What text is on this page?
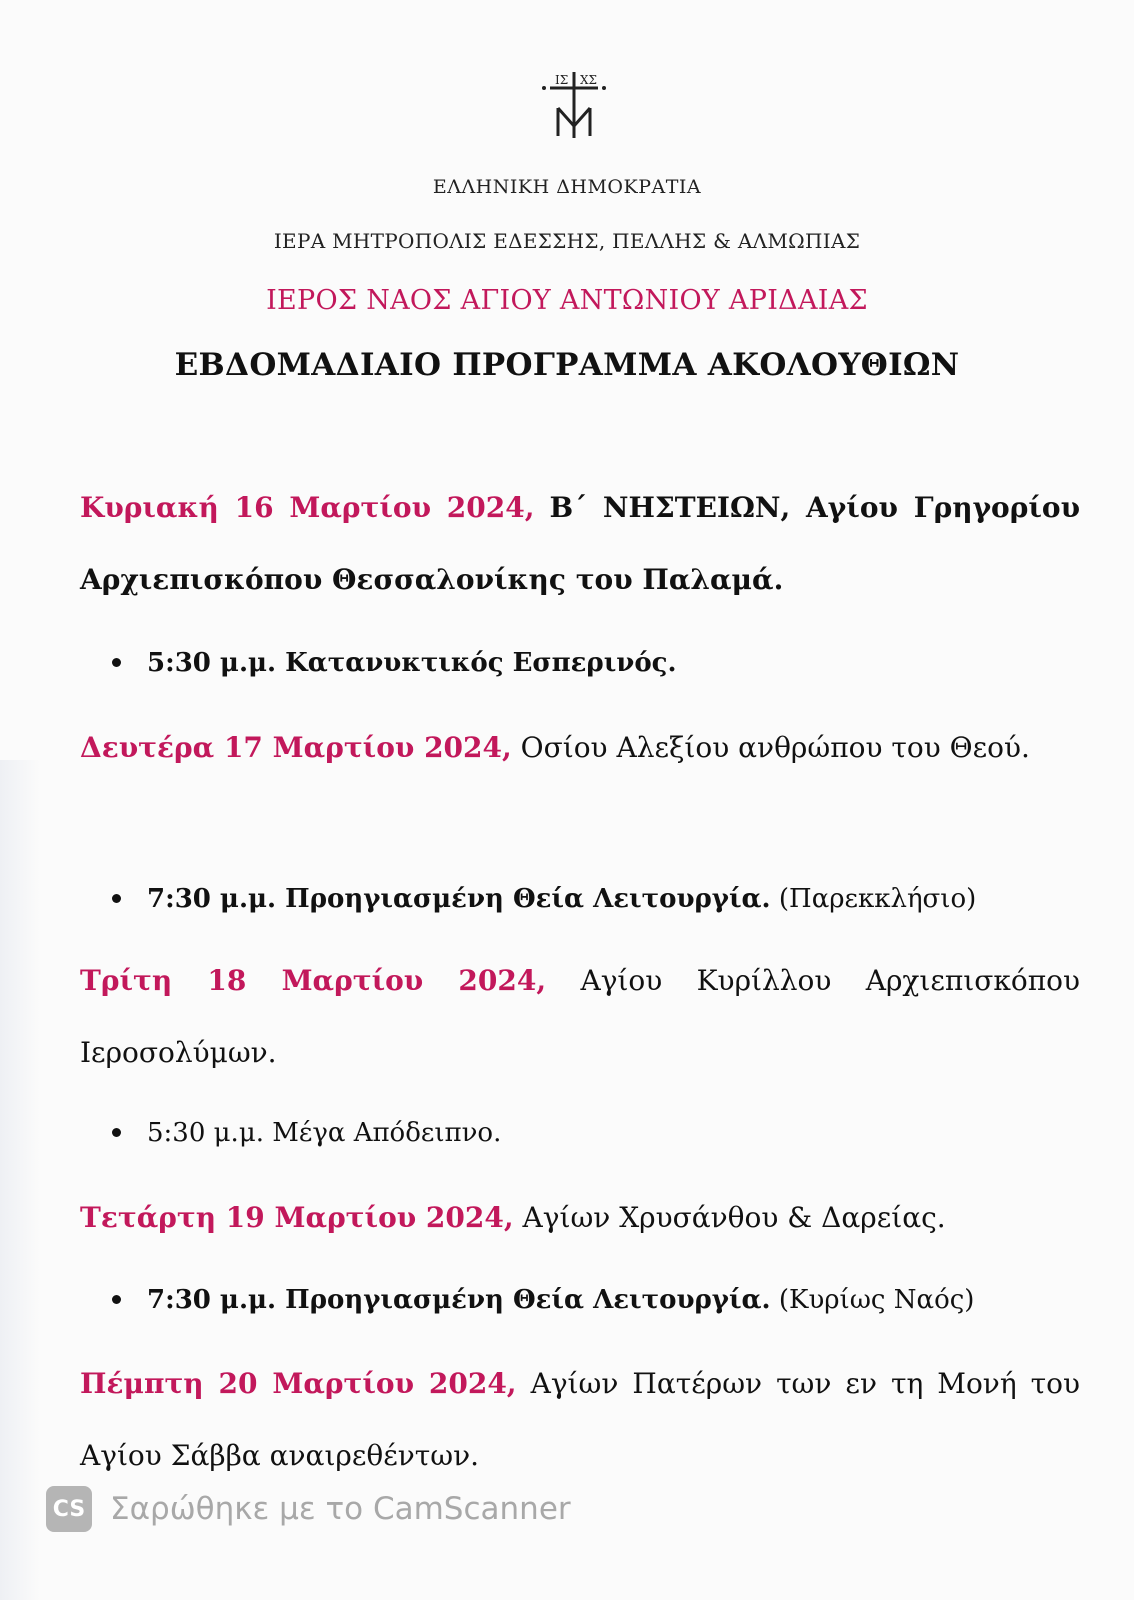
ΙΣ ΧΣ
ΕΛΛΗΝΙΚΗ ΔΗΜΟΚΡΑΤΙΑ
ΙΕΡΑ ΜΗΤΡΟΠΟΛΙΣ ΕΔΕΣΣΗΣ, ΠΕΛΛΗΣ & ΑΛΜΩΠΙΑΣ
ΙΕΡΟΣ ΝΑΟΣ ΑΓΙΟΥ ΑΝΤΩΝΙΟΥ ΑΡΙΔΑΙΑΣ
ΕΒΔΟΜΑΔΙΑΙΟ ΠΡΟΓΡΑΜΜΑ ΑΚΟΛΟΥΘΙΩΝ
Κυριακή 16 Μαρτίου 2024, Β΄ ΝΗΣΤΕΙΩΝ, Αγίου Γρηγορίου Αρχιεπισκόπου Θεσσαλονίκης του Παλαμά.
5:30 μ.μ. Κατανυκτικός Εσπερινός.
Δευτέρα 17 Μαρτίου 2024, Οσίου Αλεξίου ανθρώπου του Θεού.
7:30 μ.μ. Προηγιασμένη Θεία Λειτουργία. (Παρεκκλήσιο)
Τρίτη 18 Μαρτίου 2024, Αγίου Κυρίλλου Αρχιεπισκόπου Ιεροσολύμων.
5:30 μ.μ. Μέγα Απόδειπνο.
Τετάρτη 19 Μαρτίου 2024, Αγίων Χρυσάνθου & Δαρείας.
7:30 μ.μ. Προηγιασμένη Θεία Λειτουργία. (Κυρίως Ναός)
Πέμπτη 20 Μαρτίου 2024, Αγίων Πατέρων των εν τη Μονή του Αγίου Σάββα αναιρεθέντων.
CS Σαρώθηκε με το CamScanner
